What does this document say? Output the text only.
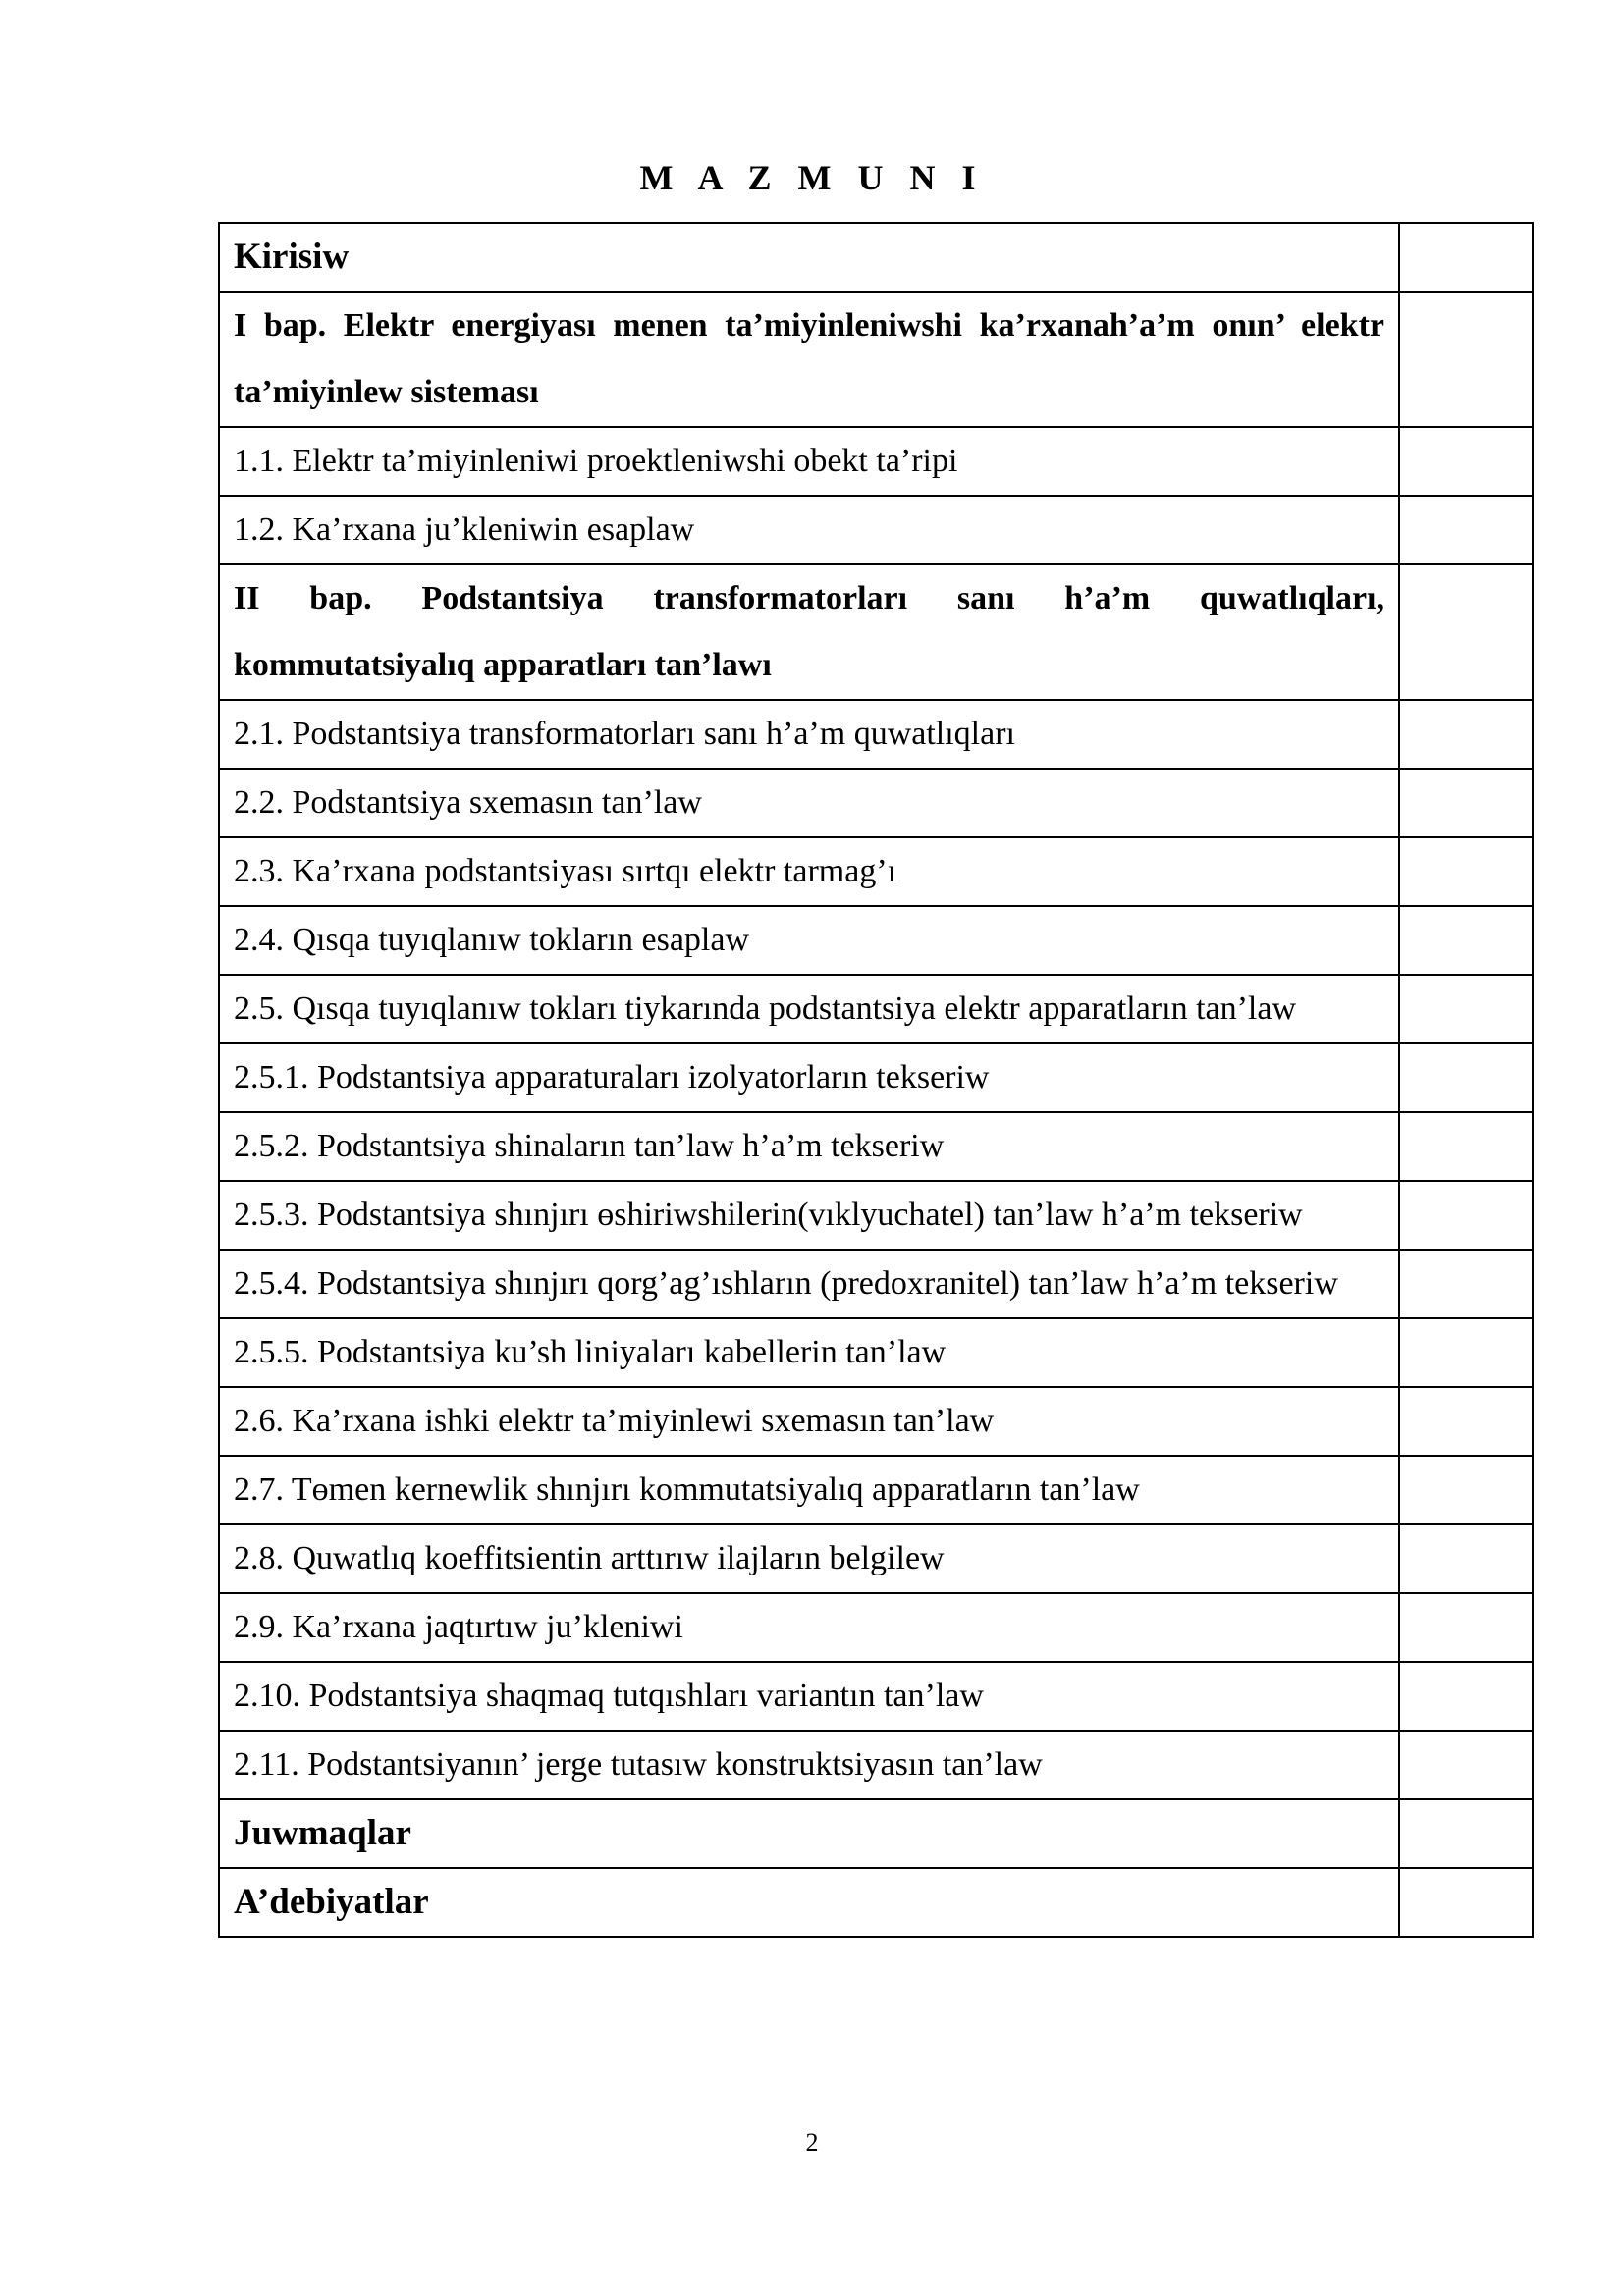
M A Z M U N I
Kirisiw	
I bap. Elektr energiyası menen ta’miyinleniwshi ka’rxanah’a’m onın’ elektr ta’miyinlew sisteması	
1.1. Elektr ta’miyinleniwi proektleniwshi obekt ta’ripi	
1.2. Ka’rxana ju’kleniwin esaplaw	
II bap. Podstantsiya transformatorları sanı h’a’m quwatlıqları, kommutatsiyalıq apparatları tan’lawı	
2.1. Podstantsiya transformatorları sanı h’a’m quwatlıqları	
2.2. Podstantsiya sxemasın tan’law	
2.3. Ka’rxana podstantsiyası sırtqı elektr tarmag’ı	
2.4. Qısqa tuyıqlanıw tokların esaplaw	
2.5. Qısqa tuyıqlanıw tokları tiykarında podstantsiya elektr apparatların tan’law	
2.5.1. Podstantsiya apparaturaları izolyatorların tekseriw	
2.5.2. Podstantsiya shinaların tan’law h’a’m tekseriw	
2.5.3. Podstantsiya shınjırı өshiriwshilerin(vıklyuchatel) tan’law h’a’m tekseriw	
2.5.4. Podstantsiya shınjırı qorg’ag’ıshların (predoxranitel) tan’law h’a’m tekseriw	
2.5.5. Podstantsiya ku’sh liniyaları kabellerin tan’law	
2.6. Ka’rxana ishki elektr ta’miyinlewi sxemasın tan’law	
2.7. Tөmen kernewlik shınjırı kommutatsiyalıq apparatların tan’law	
2.8. Quwatlıq koeffitsientin arttırıw ilajların belgilew	
2.9. Ka’rxana jaqtırtıw ju’kleniwi	
2.10. Podstantsiya shaqmaq tutqıshları variantın tan’law	
2.11. Podstantsiyanın’ jerge tutasıw konstruktsiyasın tan’law	
Juwmaqlar	
A’debiyatlar	
2
